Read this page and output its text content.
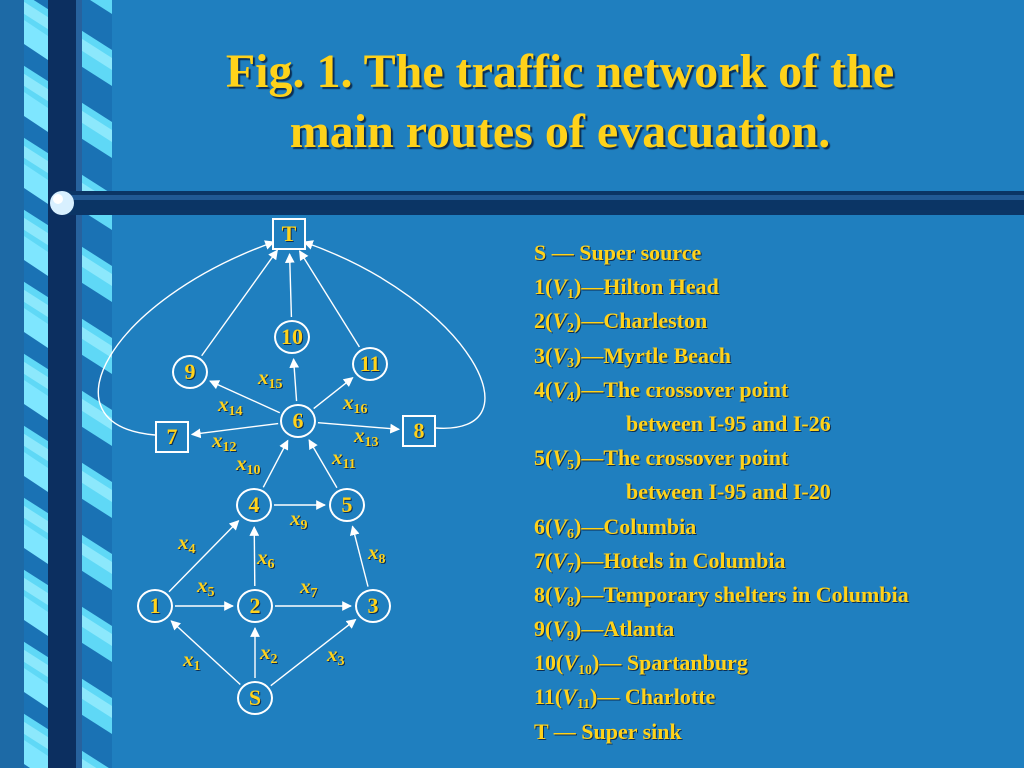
Fig. 1. The traffic network of the
main routes of evacuation.
T
10
9	11
6
7	8
4	5
1	2	3
S
$x_1$
$x_2$ $x_3$
$x_4$
$x_5$
$x_6$
$x_7$
$x_8$
$x_9$
$x_{10}$
$x_{11}$
$x_{12}$
$x_{13}$
$x_{14}$
$x_{15}$
$x_{16}$
S — Super source
$1(V_1)—Hilton$ Head
$2(V_2)—Charleston$
$3(V_3)—Myrtle$ Beach
$4(V_4)—The$ crossover point
between I-95 and I-26
$5(V_5)—The$ crossover point
between I-95 and I-20
$6(V_6)—Columbia$
$7(V_7)—Hotels$ in Columbia
$8(V_8)—Temporary$ shelters in Columbia
$9(V_9)—Atlanta$
$10(V_{10})—$ Spartanburg
$11(V_{11})—$ Charlotte
T — Super sink
